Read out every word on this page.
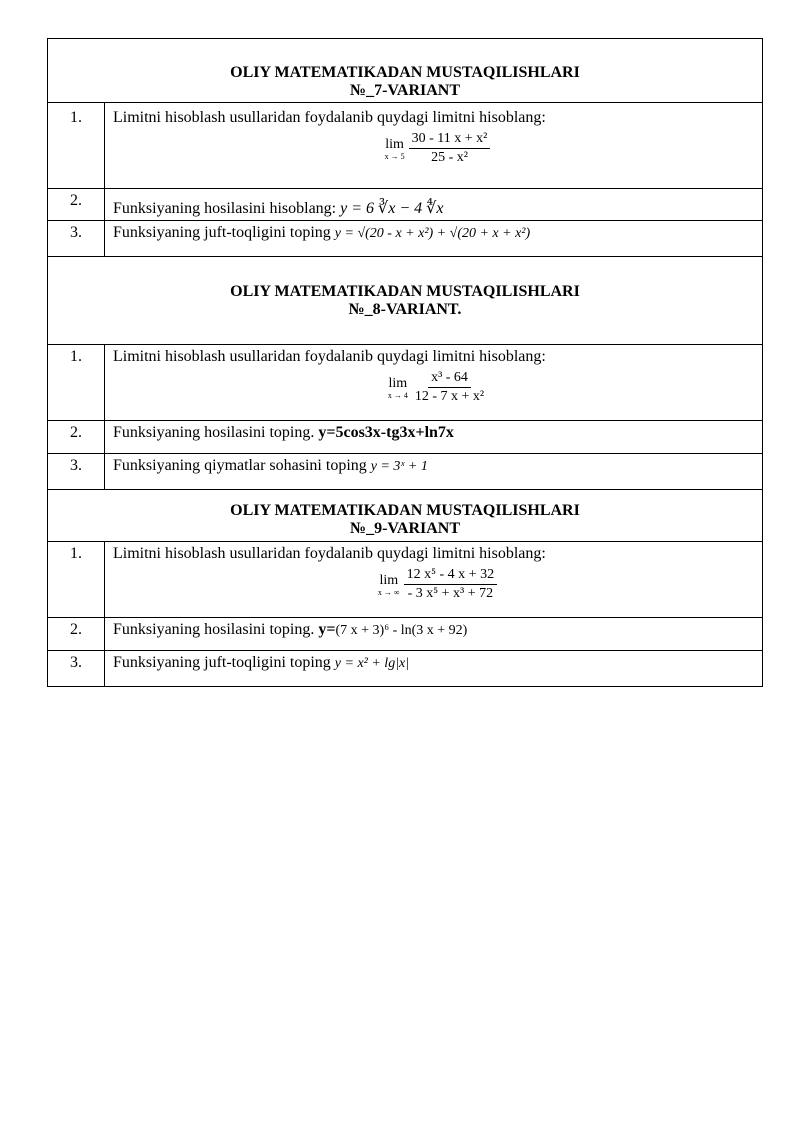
OLIY MATEMATIKADAN MUSTAQILISHLARI
№_7-VARIANT
1.	Limitni hisoblash usullaridan foydalanib quydagi limitni hisoblang:
lim
$x \to 5 \frac{\text{30 - 11 x + x²}}{\text{25 - x²}}$
2.	Funksiyaning hosilasini hisoblang: y = 6 ∛x − 4 ∜x
3.	Funksiyaning juft-toqligini toping y = √(20 - x + x²) + √(20 + x + x²)
OLIY MATEMATIKADAN MUSTAQILISHLARI
№_8-VARIANT.
1.	Limitni hisoblash usullaridan foydalanib quydagi limitni hisoblang:
lim
$x \to 4 \frac{\text{x³ - 64}}{\text{12 - 7 x + x²}}$
2.	Funksiyaning hosilasini toping. y=5cos3x-tg3x+ln7x
3.	Funksiyaning qiymatlar sohasini toping y = 3ˣ + 1
OLIY MATEMATIKADAN MUSTAQILISHLARI
№_9-VARIANT
1.	Limitni hisoblash usullaridan foydalanib quydagi limitni hisoblang:
lim
x → ∞ $\frac{\text{12 x⁵ - 4 x + 32}}{\text{- 3 x⁵ + x³ + 72}}$
2.	Funksiyaning hosilasini toping. y=(7 x + 3)⁶ - ln(3 x + 92)
3.	Funksiyaning juft-toqligini toping y = x² + lg|x|
